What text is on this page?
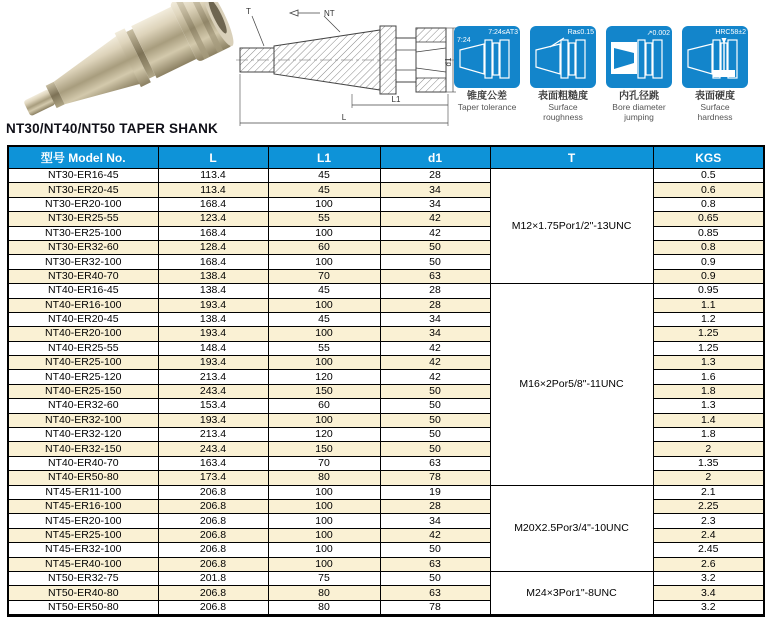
T	NT
L1
L
d1
7:24≤AT3
7:24
锥度公差
Taper tolerance
Ra≤0.15
表面粗糙度
Surface roughness
↗0.002
内孔径跳
Bore diameter jumping
HRC58±2
表面硬度
Surface hardness
NT30/NT40/NT50 TAPER SHANK
型号 Model No.	L	L1	d1	T	KGS
NT30-ER16-45	113.4	45	28	M12×1.75Por1/2"-13UNC	0.5
NT30-ER20-45	113.4	45	34		0.6
NT30-ER20-100	168.4	100	34		0.8
NT30-ER25-55	123.4	55	42		0.65
NT30-ER25-100	168.4	100	42		0.85
NT30-ER32-60	128.4	60	50		0.8
NT30-ER32-100	168.4	100	50		0.9
NT30-ER40-70	138.4	70	63		0.9
NT40-ER16-45	138.4	45	28	M16×2Por5/8"-11UNC	0.95
NT40-ER16-100	193.4	100	28		1.1
NT40-ER20-45	138.4	45	34		1.2
NT40-ER20-100	193.4	100	34		1.25
NT40-ER25-55	148.4	55	42		1.25
NT40-ER25-100	193.4	100	42		1.3
NT40-ER25-120	213.4	120	42		1.6
NT40-ER25-150	243.4	150	50		1.8
NT40-ER32-60	153.4	60	50		1.3
NT40-ER32-100	193.4	100	50		1.4
NT40-ER32-120	213.4	120	50		1.8
NT40-ER32-150	243.4	150	50		2
NT40-ER40-70	163.4	70	63		1.35
NT40-ER50-80	173.4	80	78		2
NT45-ER11-100	206.8	100	19	M20X2.5Por3/4"-10UNC	2.1
NT45-ER16-100	206.8	100	28		2.25
NT45-ER20-100	206.8	100	34		2.3
NT45-ER25-100	206.8	100	42		2.4
NT45-ER32-100	206.8	100	50		2.45
NT45-ER40-100	206.8	100	63		2.6
NT50-ER32-75	201.8	75	50	M24×3Por1"-8UNC	3.2
NT50-ER40-80	206.8	80	63		3.4
NT50-ER50-80	206.8	80	78		3.2
